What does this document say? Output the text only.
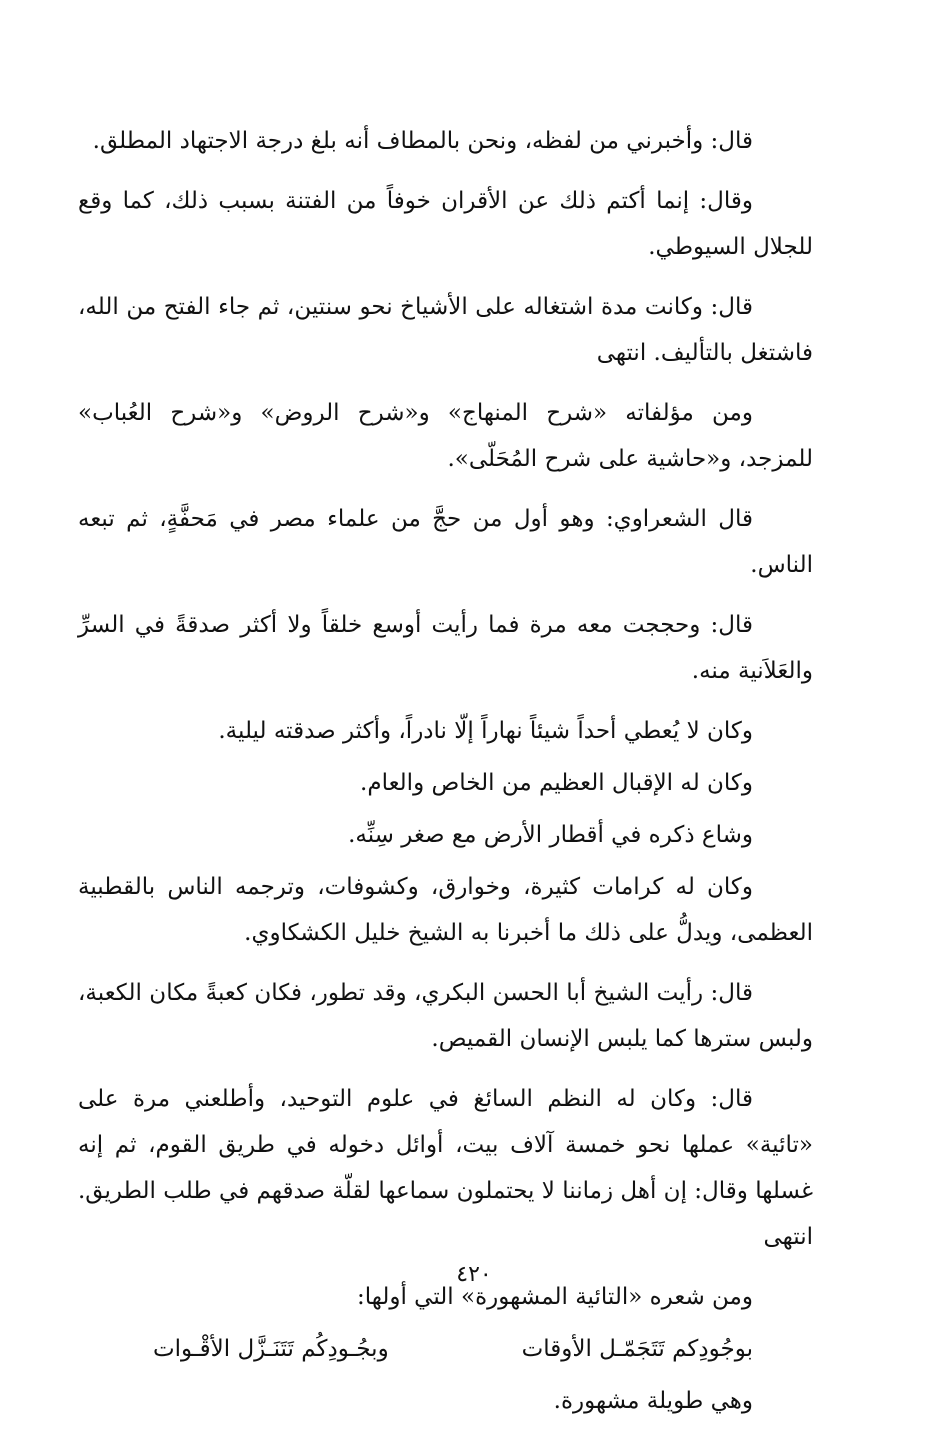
قال: وأخبرني من لفظه، ونحن بالمطاف أنه بلغ درجة الاجتهاد المطلق.

وقال: إنما أكتم ذلك عن الأقران خوفاً من الفتنة بسبب ذلك، كما وقع للجلال السيوطي.

قال: وكانت مدة اشتغاله على الأشياخ نحو سنتين، ثم جاء الفتح من الله، فاشتغل بالتأليف. انتهى

ومن مؤلفاته «شرح المنهاج» و«شرح الروض» و«شرح العُباب» للمزجد، و«حاشية على شرح المُحَلّى».

قال الشعراوي: وهو أول من حجَّ من علماء مصر في مَحفَّةٍ، ثم تبعه الناس.

قال: وحججت معه مرة فما رأيت أوسع خلقاً ولا أكثر صدقةً في السرِّ والعَلاَنية منه.

وكان لا يُعطي أحداً شيئاً نهاراً إلّا نادراً، وأكثر صدقته ليلية.

وكان له الإقبال العظيم من الخاص والعام.

وشاع ذكره في أقطار الأرض مع صغر سِنِّه.

وكان له كرامات كثيرة، وخوارق، وكشوفات، وترجمه الناس بالقطبية العظمى، ويدلُّ على ذلك ما أخبرنا به الشيخ خليل الكشكاوي.

قال: رأيت الشيخ أبا الحسن البكري، وقد تطور، فكان كعبةً مكان الكعبة، ولبس سترها كما يلبس الإنسان القميص.

قال: وكان له النظم السائغ في علوم التوحيد، وأطلعني مرة على «تائية» عملها نحو خمسة آلاف بيت، أوائل دخوله في طريق القوم، ثم إنه غسلها وقال: إن أهل زماننا لا يحتملون سماعها لقلّة صدقهم في طلب الطريق. انتهى

ومن شعره «التائية المشهورة» التي أولها:

بوجُودِكم تَتَجَمّـل الأوقات
وبجُـودِكُم تَتَنَـزَّل الأقْـوات

وهي طويلة مشهورة.

٤٢٠
